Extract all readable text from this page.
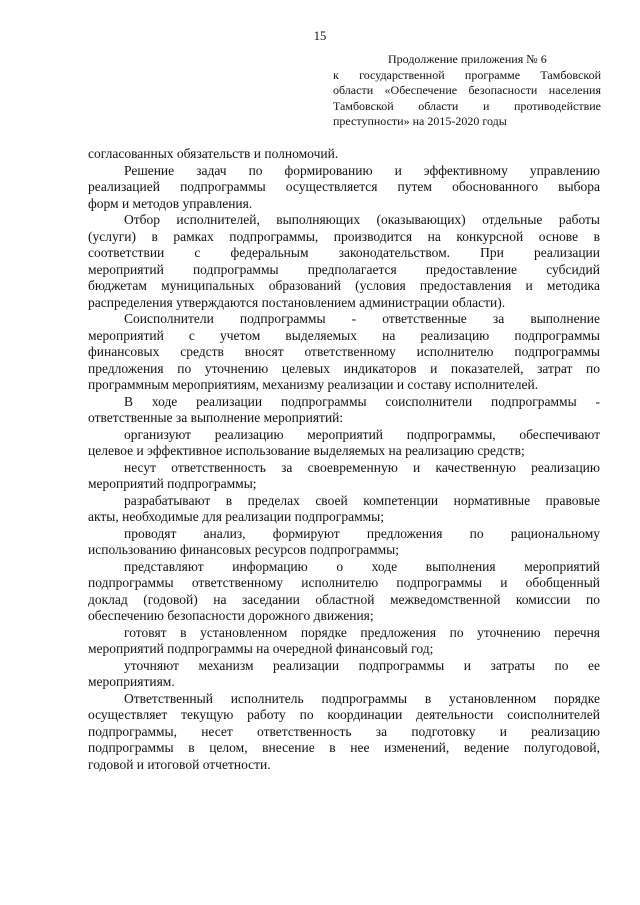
15
Продолжение приложения № 6
к государственной программе Тамбовской
области «Обеспечение безопасности населения
Тамбовской области и противодействие
преступности» на 2015-2020 годы
согласованных обязательств и полномочий.
Решение задач по формированию и эффективному управлению
реализацией подпрограммы осуществляется путем обоснованного выбора
форм и методов управления.
Отбор исполнителей, выполняющих (оказывающих) отдельные работы
(услуги) в рамках подпрограммы, производится на конкурсной основе в
соответствии с федеральным законодательством. При реализации
мероприятий подпрограммы предполагается предоставление субсидий
бюджетам муниципальных образований (условия предоставления и методика
распределения утверждаются постановлением администрации области).
Соисполнители подпрограммы - ответственные за выполнение
мероприятий с учетом выделяемых на реализацию подпрограммы
финансовых средств вносят ответственному исполнителю подпрограммы
предложения по уточнению целевых индикаторов и показателей, затрат по
программным мероприятиям, механизму реализации и составу исполнителей.
В ходе реализации подпрограммы соисполнители подпрограммы -
ответственные за выполнение мероприятий:
организуют реализацию мероприятий подпрограммы, обеспечивают
целевое и эффективное использование выделяемых на реализацию средств;
несут ответственность за своевременную и качественную реализацию
мероприятий подпрограммы;
разрабатывают в пределах своей компетенции нормативные правовые
акты, необходимые для реализации подпрограммы;
проводят анализ, формируют предложения по рациональному
использованию финансовых ресурсов подпрограммы;
представляют информацию о ходе выполнения мероприятий
подпрограммы ответственному исполнителю подпрограммы и обобщенный
доклад (годовой) на заседании областной межведомственной комиссии по
обеспечению безопасности дорожного движения;
готовят в установленном порядке предложения по уточнению перечня
мероприятий подпрограммы на очередной финансовый год;
уточняют механизм реализации подпрограммы и затраты по ее
мероприятиям.
Ответственный исполнитель подпрограммы в установленном порядке
осуществляет текущую работу по координации деятельности соисполнителей
подпрограммы, несет ответственность за подготовку и реализацию
подпрограммы в целом, внесение в нее изменений, ведение полугодовой,
годовой и итоговой отчетности.
